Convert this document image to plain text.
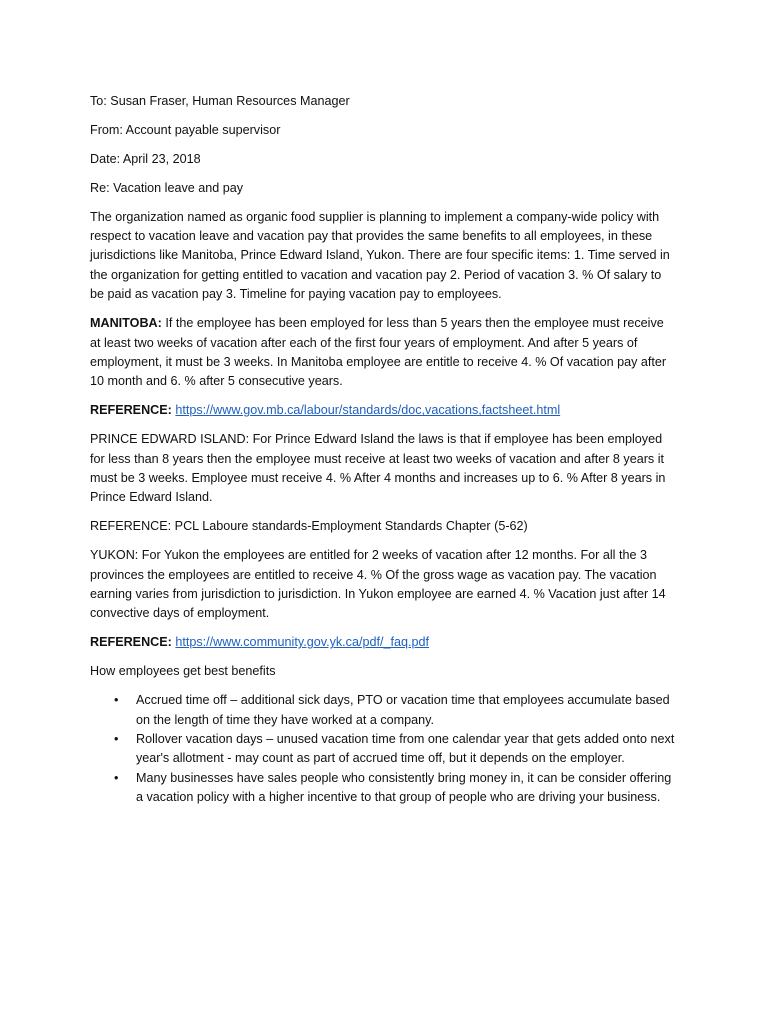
To: Susan Fraser, Human Resources Manager
From: Account payable supervisor
Date: April 23, 2018
Re: Vacation leave and pay
The organization named as organic food supplier is planning to implement a company-wide policy with respect to vacation leave and vacation pay that provides the same benefits to all employees, in these jurisdictions like Manitoba, Prince Edward Island, Yukon. There are four specific items: 1. Time served in the organization for getting entitled to vacation and vacation pay 2. Period of vacation 3. % Of salary to be paid as vacation pay 3. Timeline for paying vacation pay to employees.
MANITOBA: If the employee has been employed for less than 5 years then the employee must receive at least two weeks of vacation after each of the first four years of employment. And after 5 years of employment, it must be 3 weeks. In Manitoba employee are entitle to receive 4. % Of vacation pay after 10 month and 6. % after 5 consecutive years.
REFERENCE: https://www.gov.mb.ca/labour/standards/doc,vacations,factsheet.html
PRINCE EDWARD ISLAND: For Prince Edward Island the laws is that if employee has been employed for less than 8 years then the employee must receive at least two weeks of vacation and after 8 years it must be 3 weeks. Employee must receive 4. % After 4 months and increases up to 6. % After 8 years in Prince Edward Island.
REFERENCE: PCL Laboure standards-Employment Standards Chapter (5-62)
YUKON: For Yukon the employees are entitled for 2 weeks of vacation after 12 months. For all the 3 provinces the employees are entitled to receive 4. % Of the gross wage as vacation pay. The vacation earning varies from jurisdiction to jurisdiction. In Yukon employee are earned 4. % Vacation just after 14 convective days of employment.
REFERENCE: https://www.community.gov.yk.ca/pdf/_faq.pdf
How employees get best benefits
• Accrued time off – additional sick days, PTO or vacation time that employees accumulate based on the length of time they have worked at a company.
• Rollover vacation days – unused vacation time from one calendar year that gets added onto next year's allotment - may count as part of accrued time off, but it depends on the employer.
• Many businesses have sales people who consistently bring money in, it can be consider offering a vacation policy with a higher incentive to that group of people who are driving your business.
